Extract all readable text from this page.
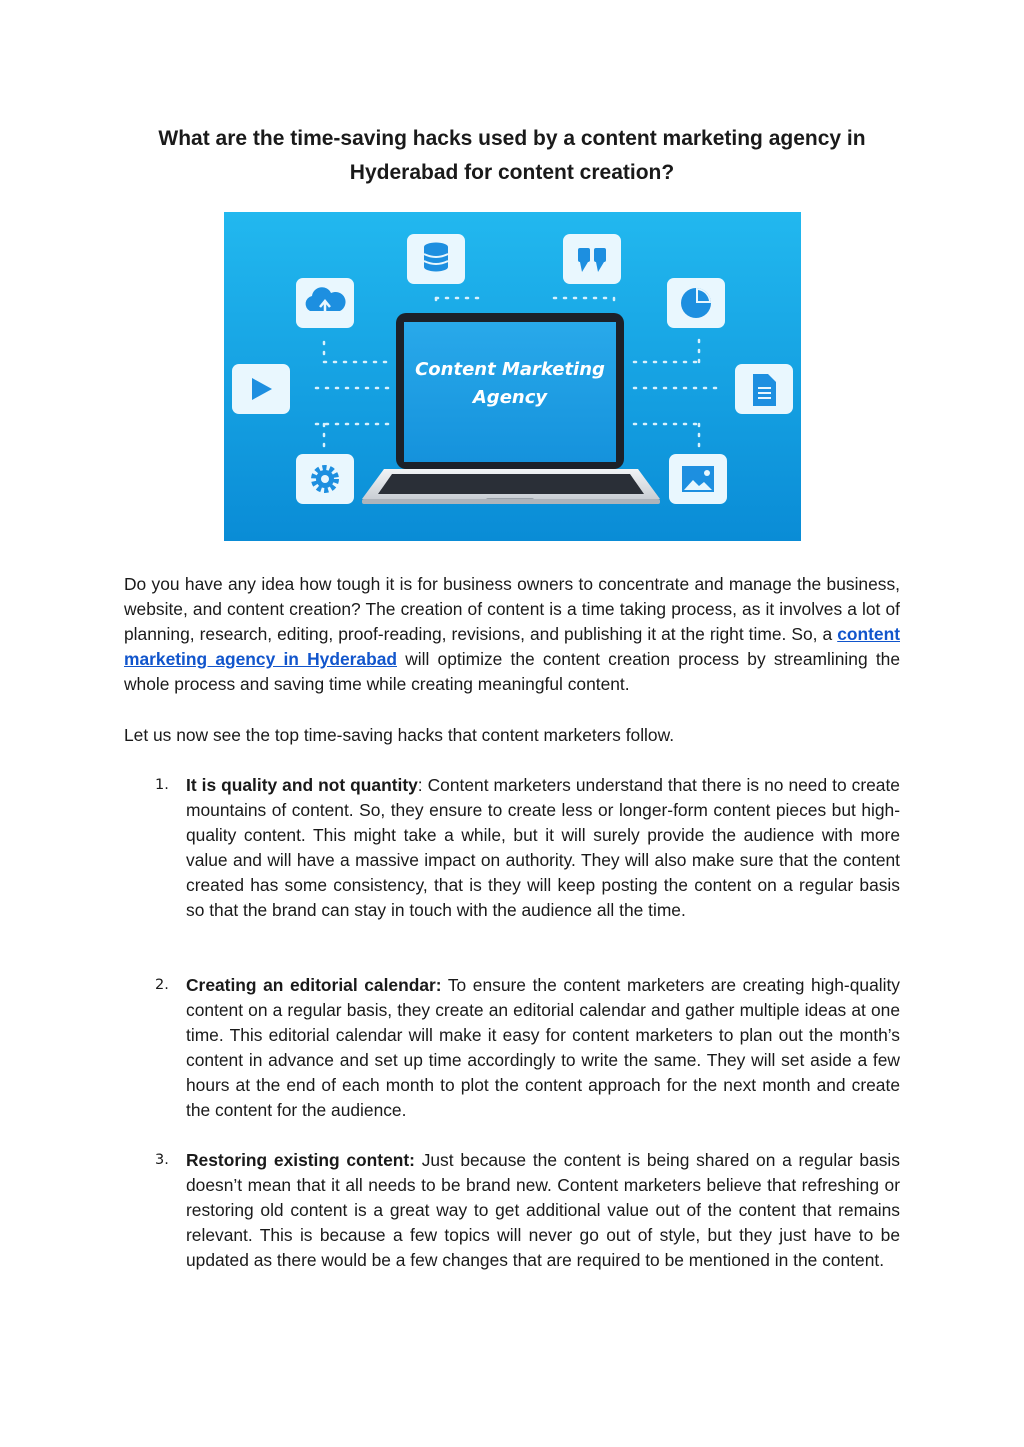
What are the time-saving hacks used by a content marketing agency in Hyderabad for content creation?
Content Marketing
Agency
Do you have any idea how tough it is for business owners to concentrate and manage the business, website, and content creation? The creation of content is a time taking process, as it involves a lot of planning, research, editing, proof-reading, revisions, and publishing it at the right time. So, a content marketing agency in Hyderabad will optimize the content creation process by streamlining the whole process and saving time while creating meaningful content.
Let us now see the top time-saving hacks that content marketers follow.
1. It is quality and not quantity: Content marketers understand that there is no need to create mountains of content. So, they ensure to create less or longer-form content pieces but high-quality content. This might take a while, but it will surely provide the audience with more value and will have a massive impact on authority. They will also make sure that the content created has some consistency, that is they will keep posting the content on a regular basis so that the brand can stay in touch with the audience all the time.
2. Creating an editorial calendar: To ensure the content marketers are creating high-quality content on a regular basis, they create an editorial calendar and gather multiple ideas at one time. This editorial calendar will make it easy for content marketers to plan out the month’s content in advance and set up time accordingly to write the same. They will set aside a few hours at the end of each month to plot the content approach for the next month and create the content for the audience.
3. Restoring existing content: Just because the content is being shared on a regular basis doesn’t mean that it all needs to be brand new. Content marketers believe that refreshing or restoring old content is a great way to get additional value out of the content that remains relevant. This is because a few topics will never go out of style, but they just have to be updated as there would be a few changes that are required to be mentioned in the content.
